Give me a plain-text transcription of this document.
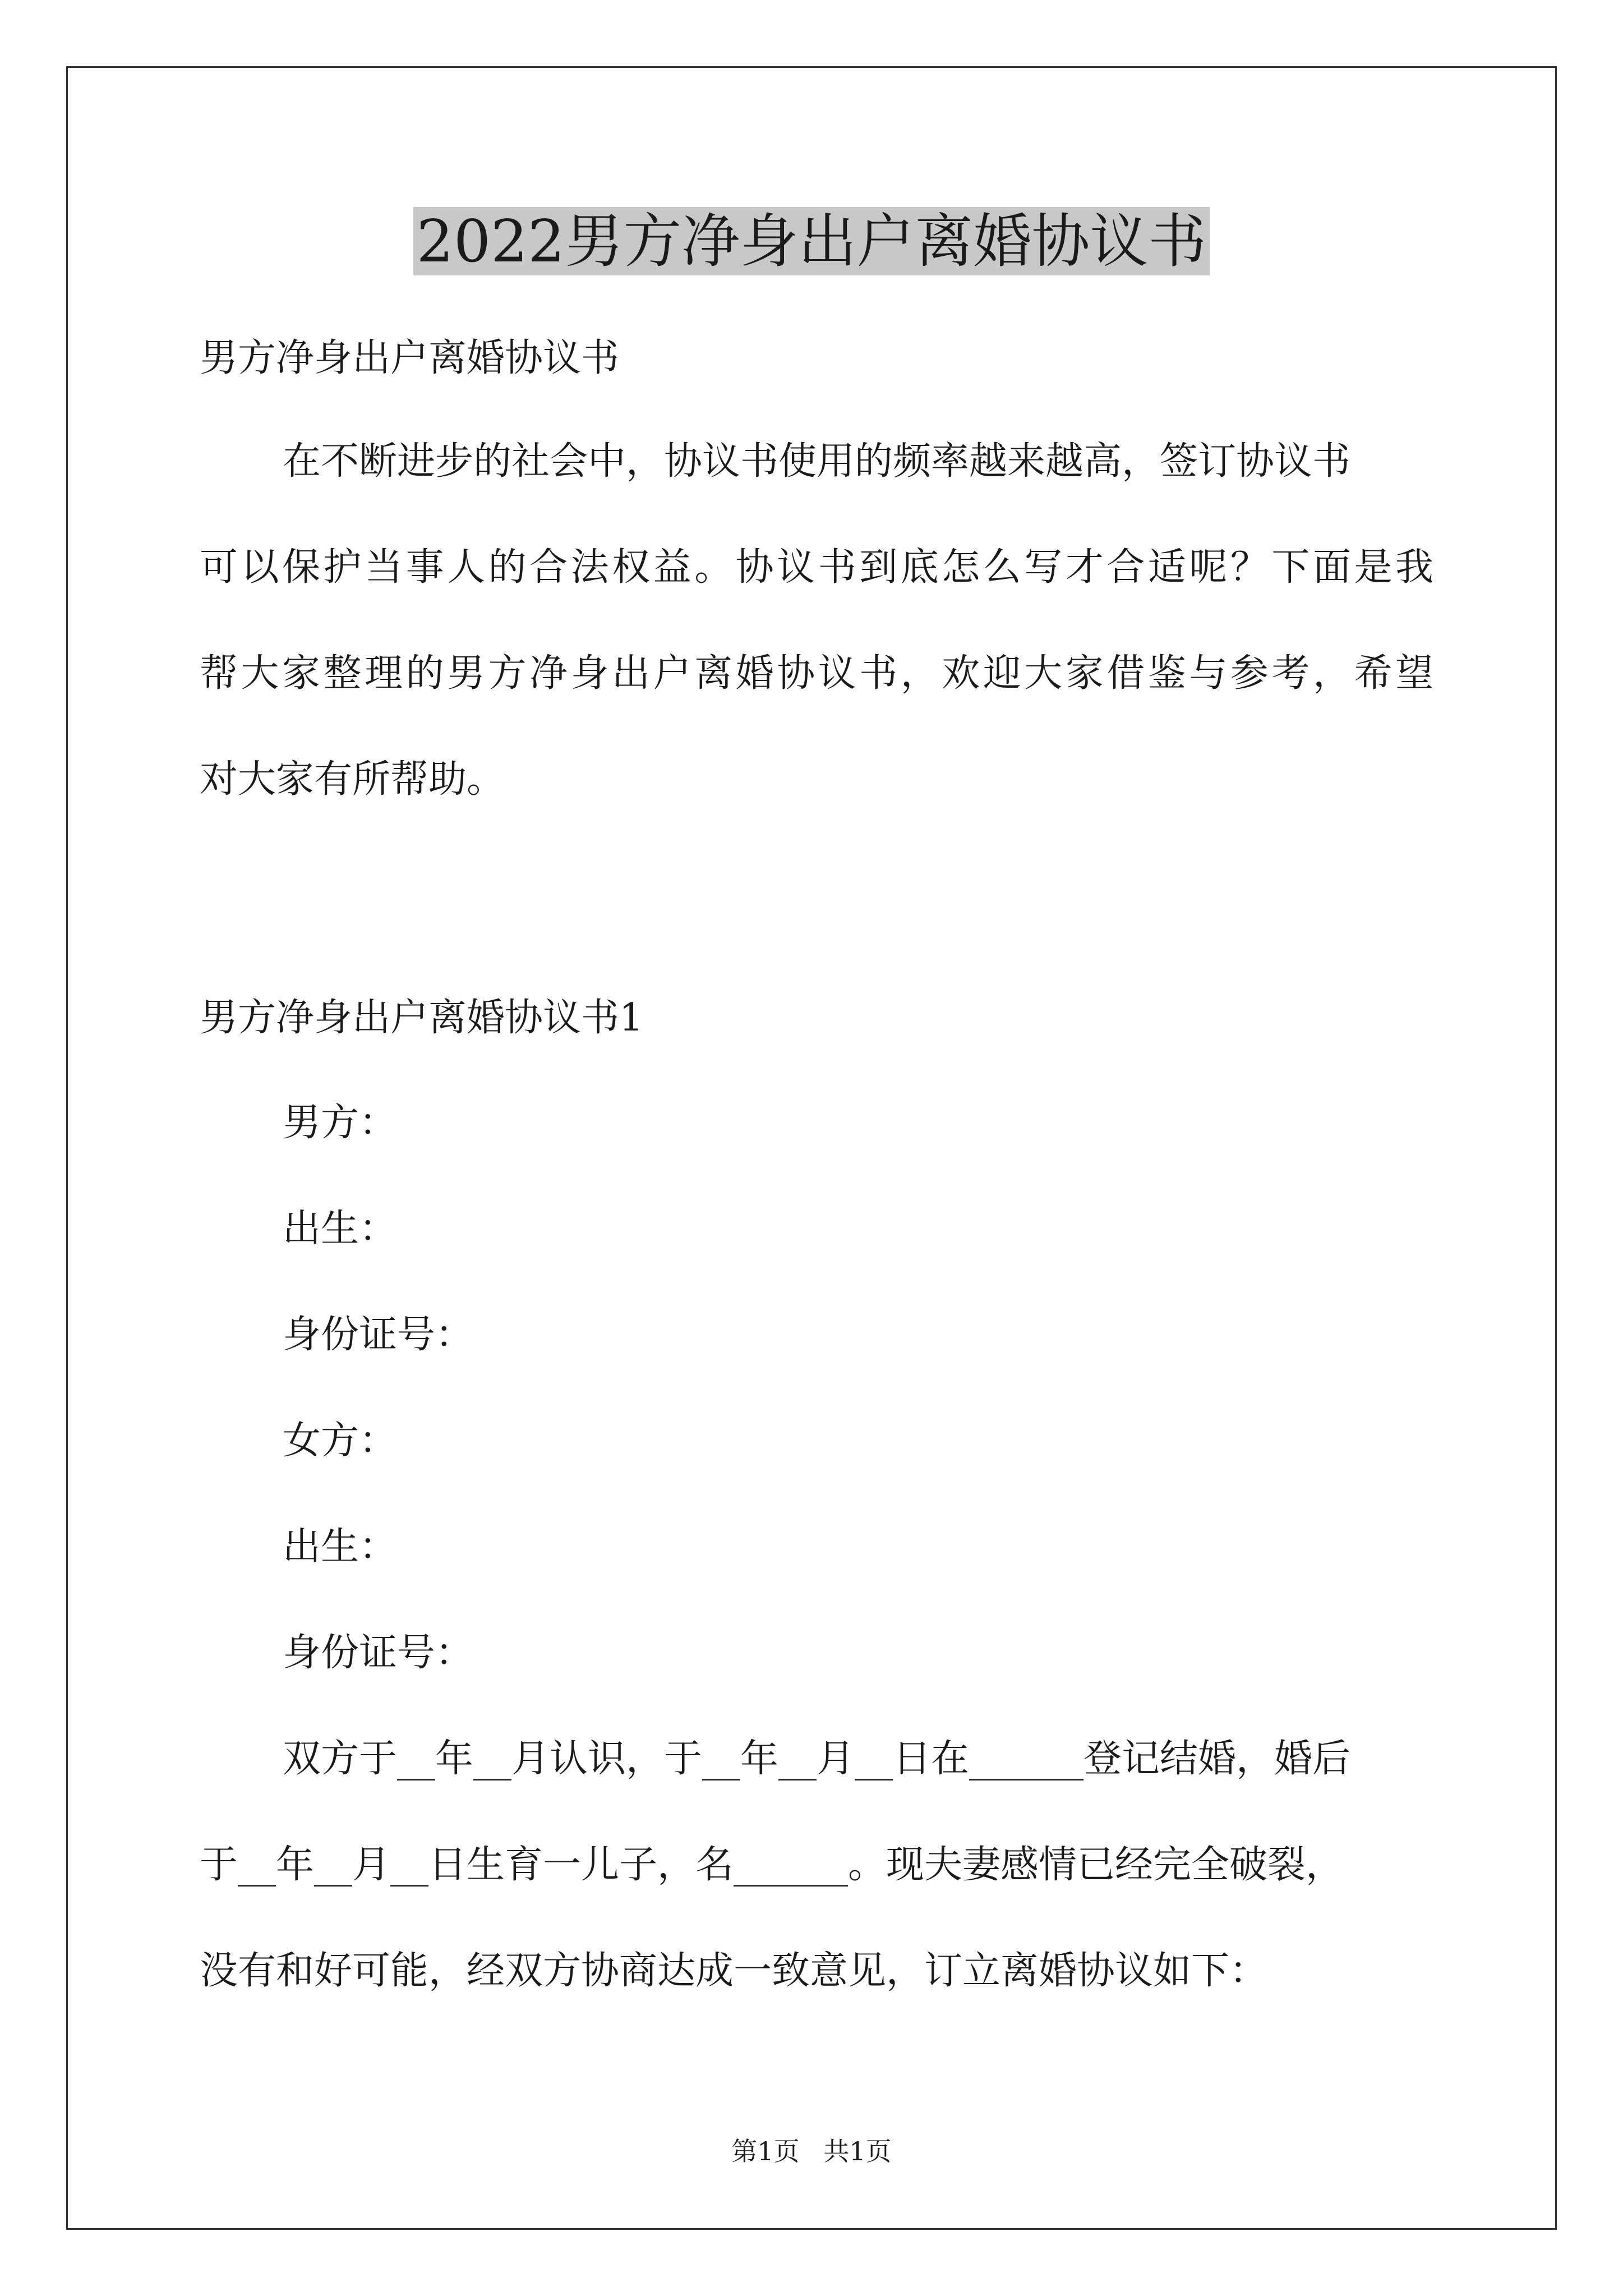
2022男方净身出户离婚协议书
男方净身出户离婚协议书
在不断进步的社会中，协议书使用的频率越来越高，签订协议书
可以保护当事人的合法权益。协议书到底怎么写才合适呢？下面是我
帮大家整理的男方净身出户离婚协议书，欢迎大家借鉴与参考，希望
对大家有所帮助。
男方净身出户离婚协议书1
男方：
出生：
身份证号：
女方：
出生：
身份证号：
双方于__年__月认识，于__年__月__日在______登记结婚，婚后
于__年__月__日生育一儿子，名______。现夫妻感情已经完全破裂，
没有和好可能，经双方协商达成一致意见，订立离婚协议如下：
第1页 共1页
